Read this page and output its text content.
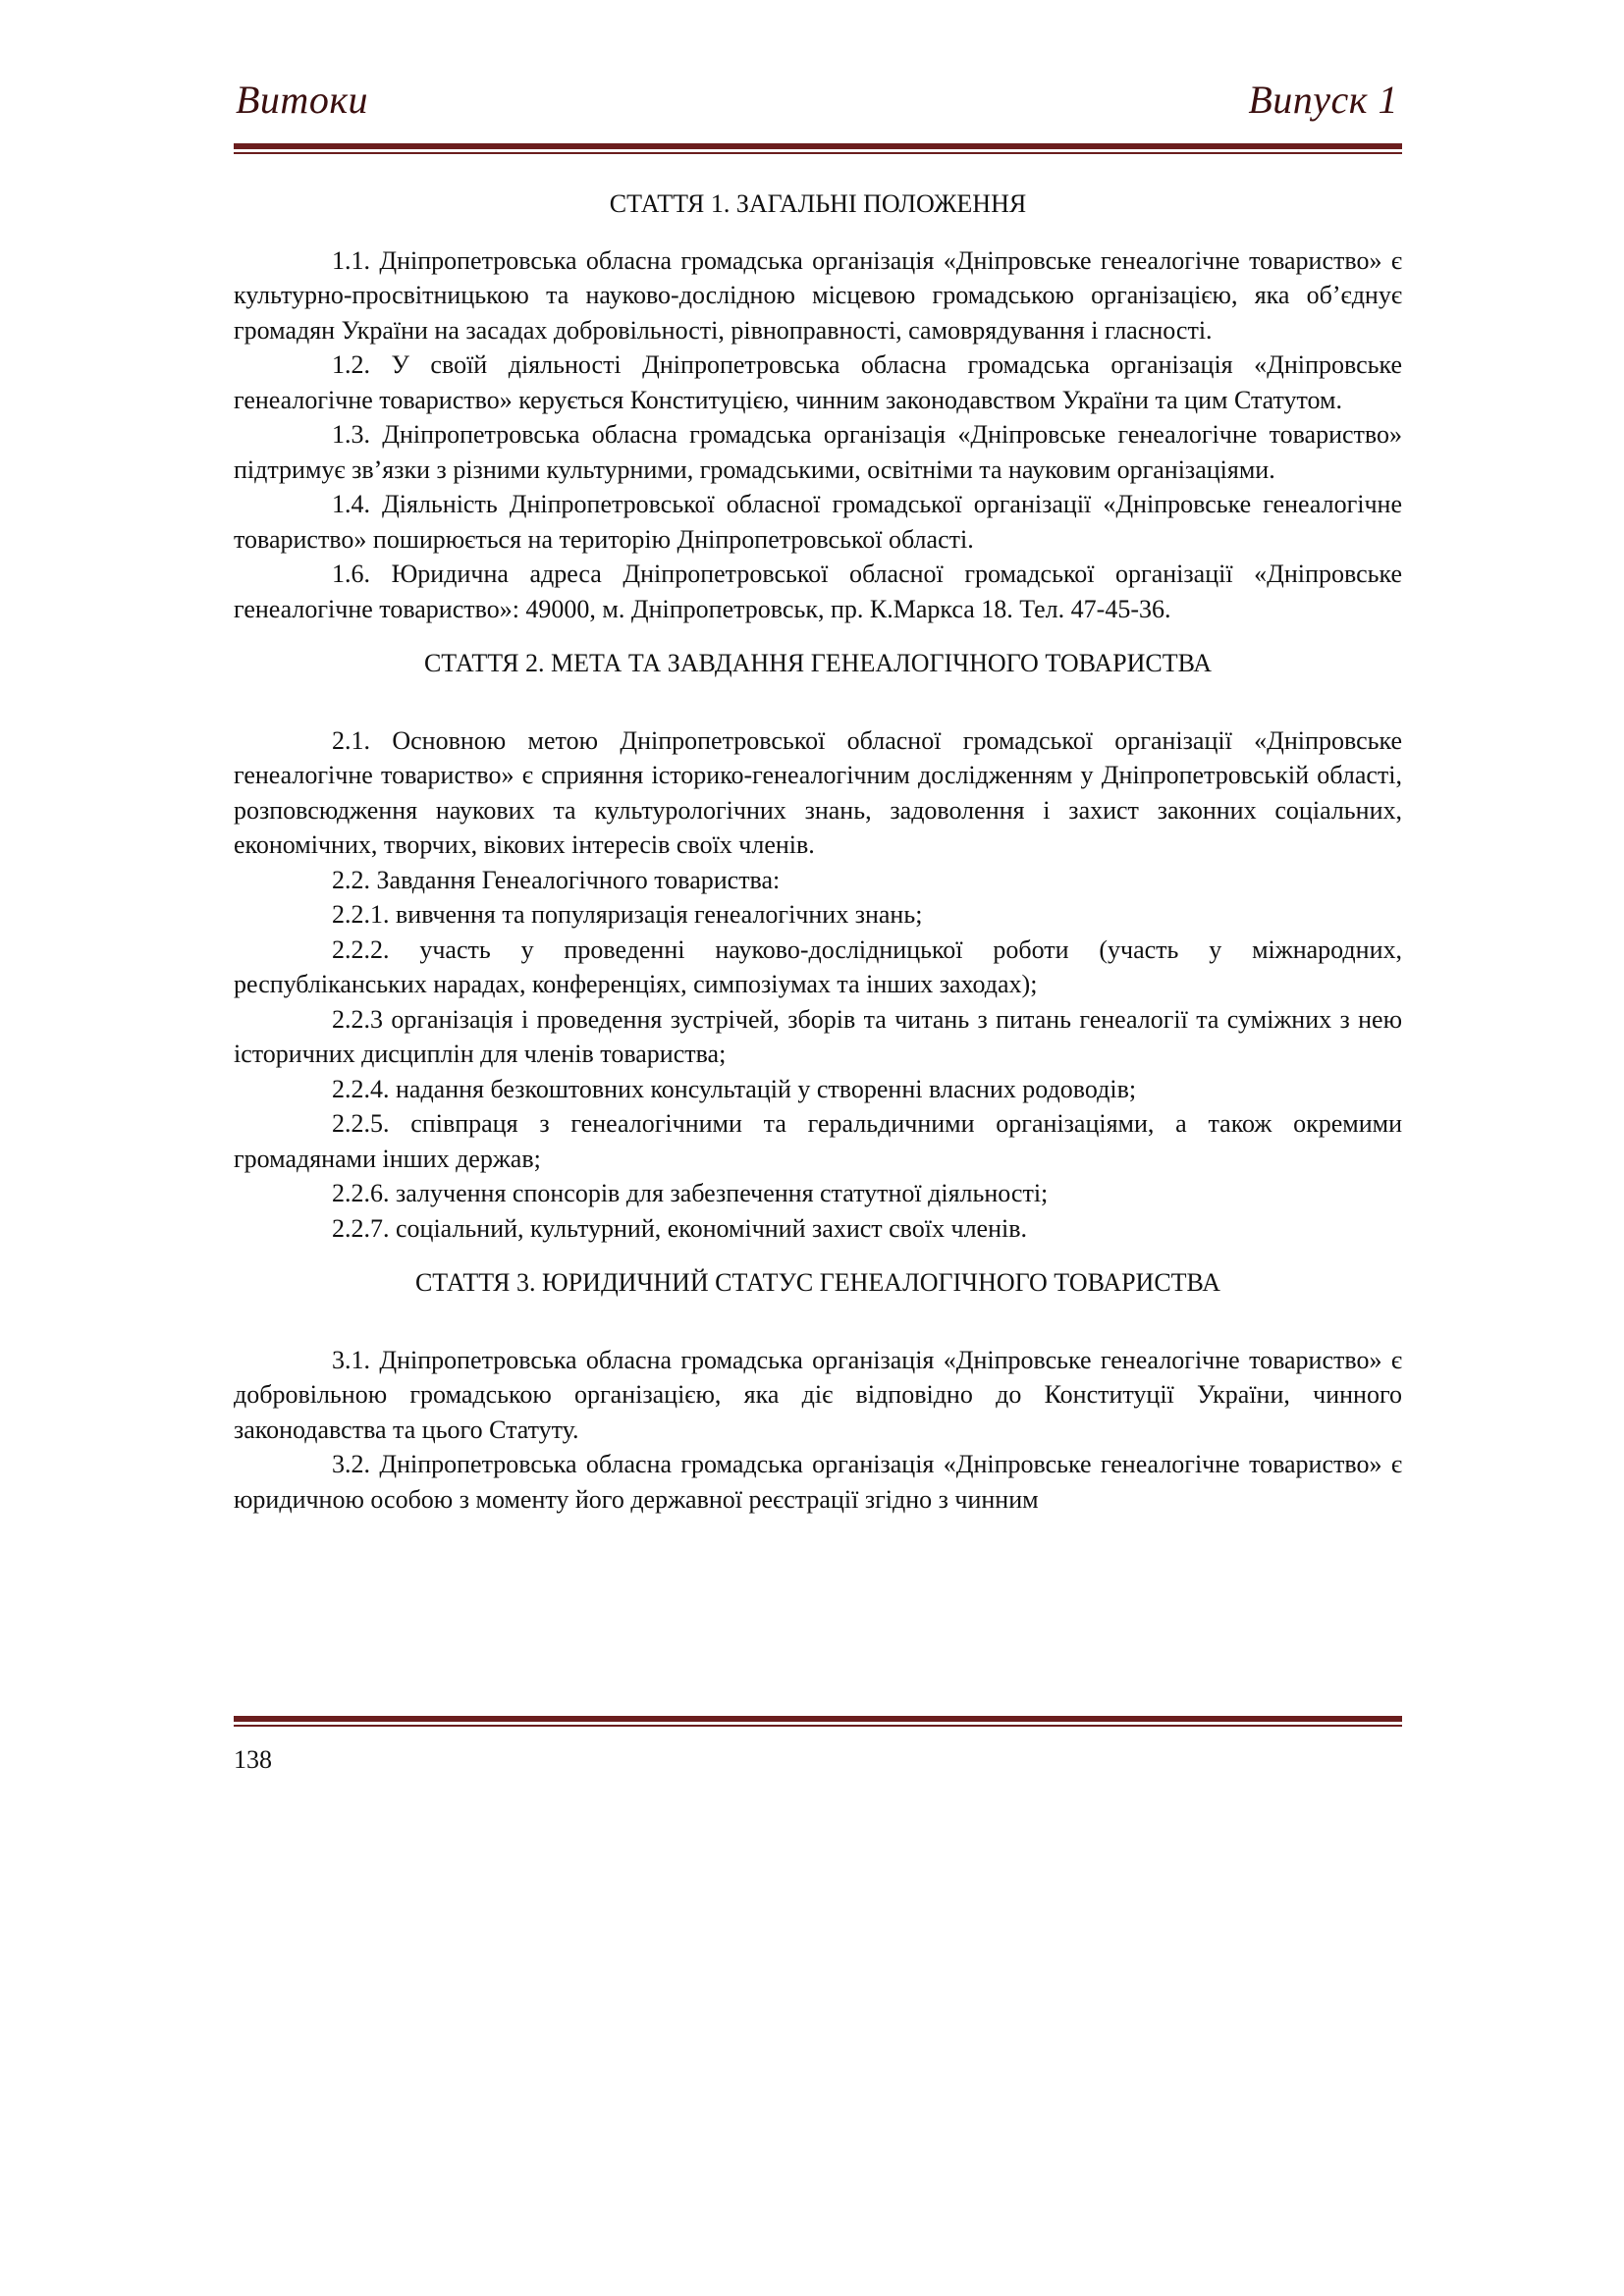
Витоки	Випуск 1
СТАТТЯ 1. ЗАГАЛЬНІ ПОЛОЖЕННЯ

1.1. Дніпропетровська обласна громадська організація «Дніпровське генеалогічне товариство» є культурно-просвітницькою та науково-дослідною місцевою громадською організацією, яка об’єднує громадян України на засадах добровільності, рівноправності, самоврядування і гласності.

1.2. У своїй діяльності Дніпропетровська обласна громадська організація «Дніпровське генеалогічне товариство» керується Конституцією, чинним законодавством України та цим Статутом.

1.3. Дніпропетровська обласна громадська організація «Дніпровське генеалогічне товариство» підтримує зв’язки з різними культурними, громадськими, освітніми та науковим організаціями.

1.4. Діяльність Дніпропетровської обласної громадської організації «Дніпровське генеалогічне товариство» поширюється на територію Дніпропетровської області.

1.6. Юридична адреса Дніпропетровської обласної громадської організації «Дніпровське генеалогічне товариство»: 49000, м. Дніпропетровськ, пр. К.Маркса 18. Тел. 47-45-36.

СТАТТЯ 2. МЕТА ТА ЗАВДАННЯ ГЕНЕАЛОГІЧНОГО ТОВАРИСТВА

2.1. Основною метою Дніпропетровської обласної громадської організації «Дніпровське генеалогічне товариство» є сприяння історико-генеалогічним дослідженням у Дніпропетровській області, розповсюдження наукових та культурологічних знань, задоволення і захист законних соціальних, економічних, творчих, вікових інтересів своїх членів.

2.2. Завдання Генеалогічного товариства:

2.2.1. вивчення та популяризація генеалогічних знань;

2.2.2. участь у проведенні науково-дослідницької роботи (участь у міжнародних, республіканських нарадах, конференціях, симпозіумах та інших заходах);

2.2.3 організація і проведення зустрічей, зборів та читань з питань генеалогії та суміжних з нею історичних дисциплін для членів товариства;

2.2.4. надання безкоштовних консультацій у створенні власних родоводів;

2.2.5. співпраця з генеалогічними та геральдичними організаціями, а також окремими громадянами інших держав;

2.2.6. залучення спонсорів для забезпечення статутної діяльності;

2.2.7. соціальний, культурний, економічний захист своїх членів.

СТАТТЯ 3. ЮРИДИЧНИЙ СТАТУС ГЕНЕАЛОГІЧНОГО ТОВАРИСТВА

3.1. Дніпропетровська обласна громадська організація «Дніпровське генеалогічне товариство» є добровільною громадською організацією, яка діє відповідно до Конституції України, чинного законодавства та цього Статуту.

3.2. Дніпропетровська обласна громадська організація «Дніпровське генеалогічне товариство» є юридичною особою з моменту його державної реєстрації згідно з чинним

138
